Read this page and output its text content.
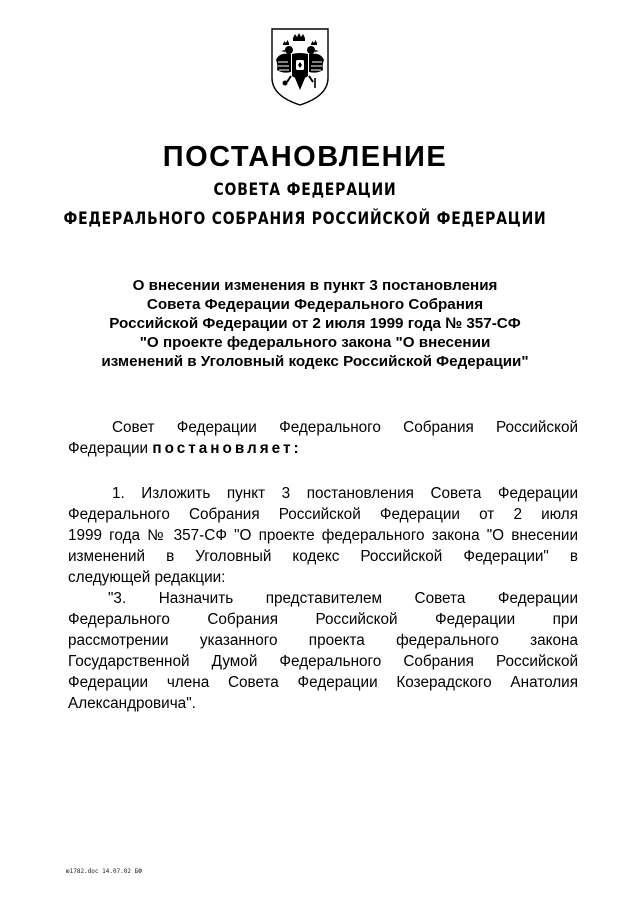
ПОСТАНОВЛЕНИЕ
СОВЕТА ФЕДЕРАЦИИ
ФЕДЕРАЛЬНОГО СОБРАНИЯ РОССИЙСКОЙ ФЕДЕРАЦИИ
О внесении изменения в пункт 3 постановления
Совета Федерации Федерального Собрания
Российской Федерации от 2 июля 1999 года № 357-СФ
"О проекте федерального закона "О внесении
изменений в Уголовный кодекс Российской Федерации"
Совет Федерации Федерального Собрания Российской
Федерации постановляет:
1. Изложить пункт 3 постановления Совета Федерации
Федерального Собрания Российской Федерации от 2 июля
1999 года № 357-СФ "О проекте федерального закона "О внесении
изменений в Уголовный кодекс Российской Федерации" в
следующей редакции:
"3. Назначить представителем Совета Федерации
Федерального Собрания Российской Федерации при
рассмотрении указанного проекта федерального закона
Государственной Думой Федерального Собрания Российской
Федерации члена Совета Федерации Козерадского Анатолия
Александровича".
ю1782.doc 14.07.02 БФ
